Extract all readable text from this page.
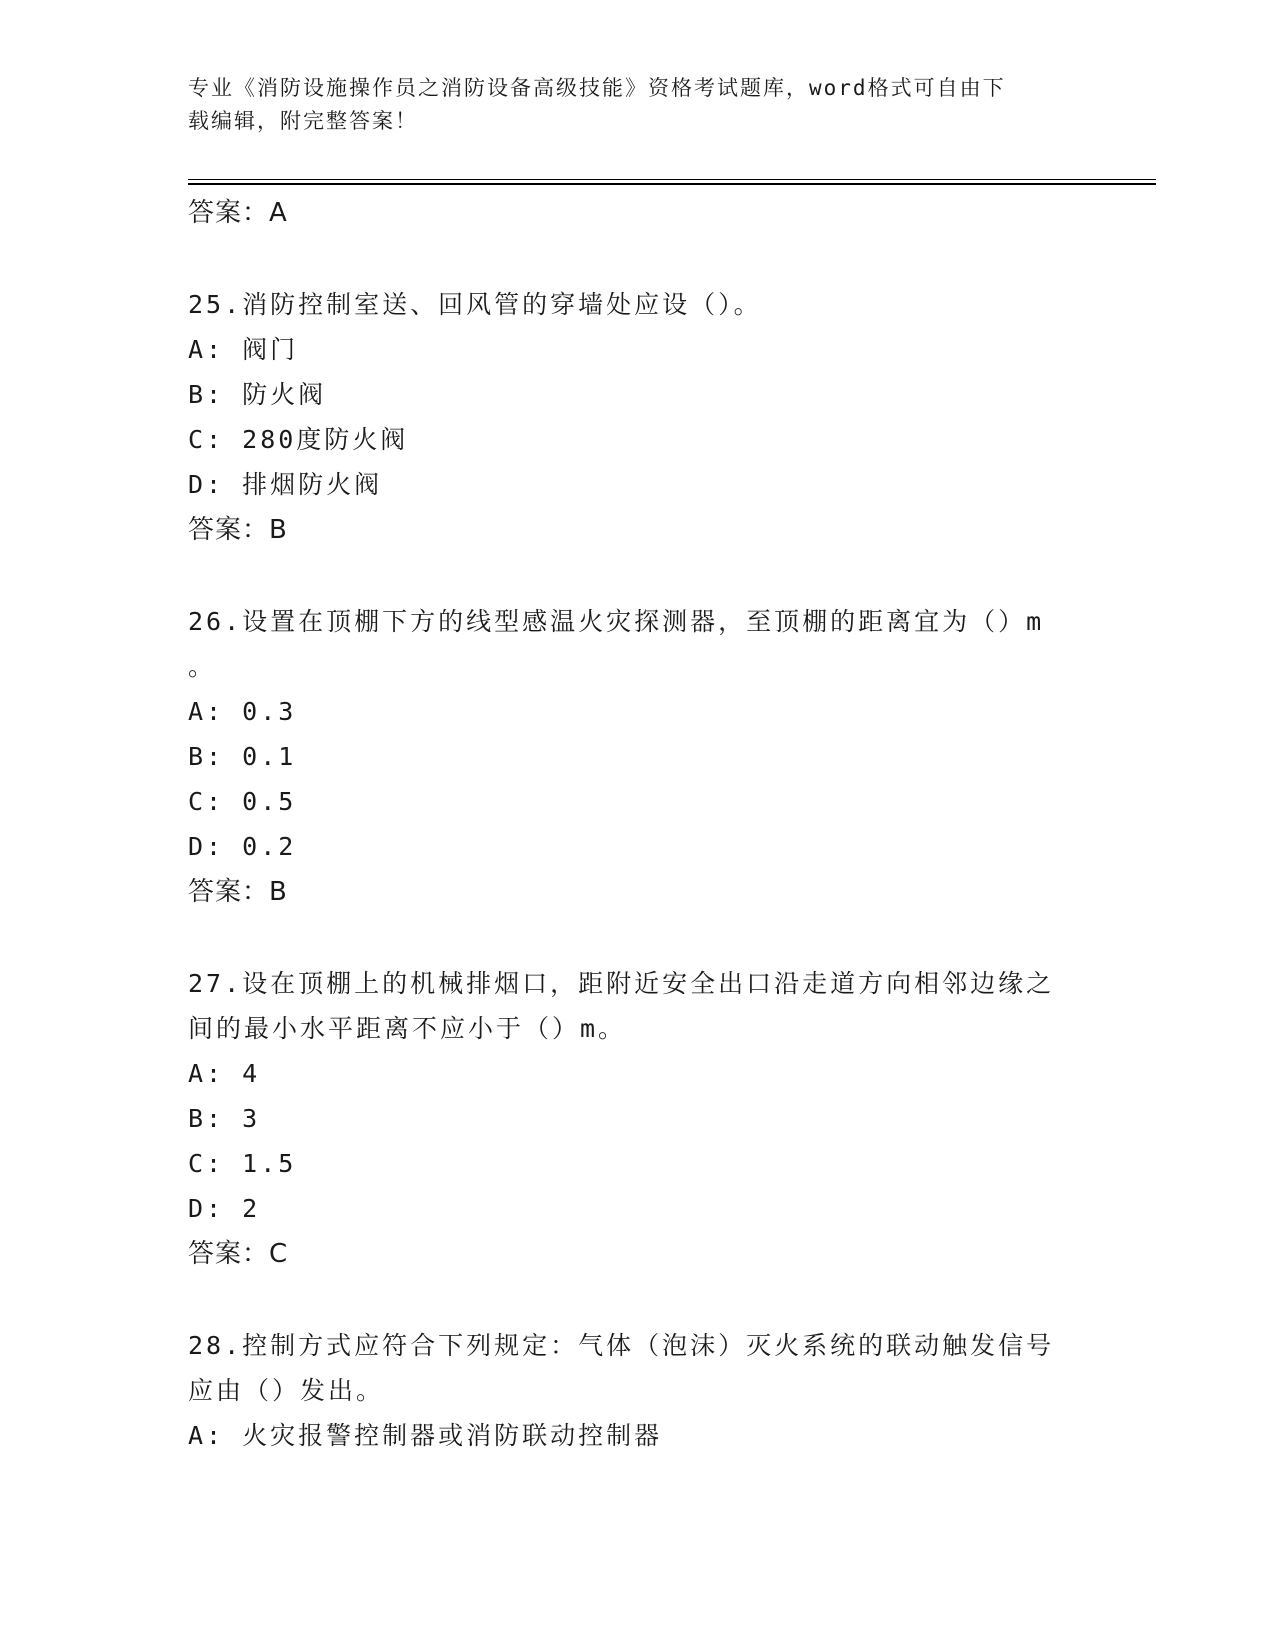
专业《消防设施操作员之消防设备高级技能》资格考试题库，word格式可自由下
载编辑，附完整答案！
答案：A
25.消防控制室送、回风管的穿墙处应设（）。
A: 阀门
B: 防火阀
C: 280度防火阀
D: 排烟防火阀
答案：B
26.设置在顶棚下方的线型感温火灾探测器，至顶棚的距离宜为（）m
。
A: 0.3
B: 0.1
C: 0.5
D: 0.2
答案：B
27.设在顶棚上的机械排烟口，距附近安全出口沿走道方向相邻边缘之
间的最小水平距离不应小于（）m。
A: 4
B: 3
C: 1.5
D: 2
答案：C
28.控制方式应符合下列规定：气体（泡沫）灭火系统的联动触发信号
应由（）发出。
A: 火灾报警控制器或消防联动控制器
